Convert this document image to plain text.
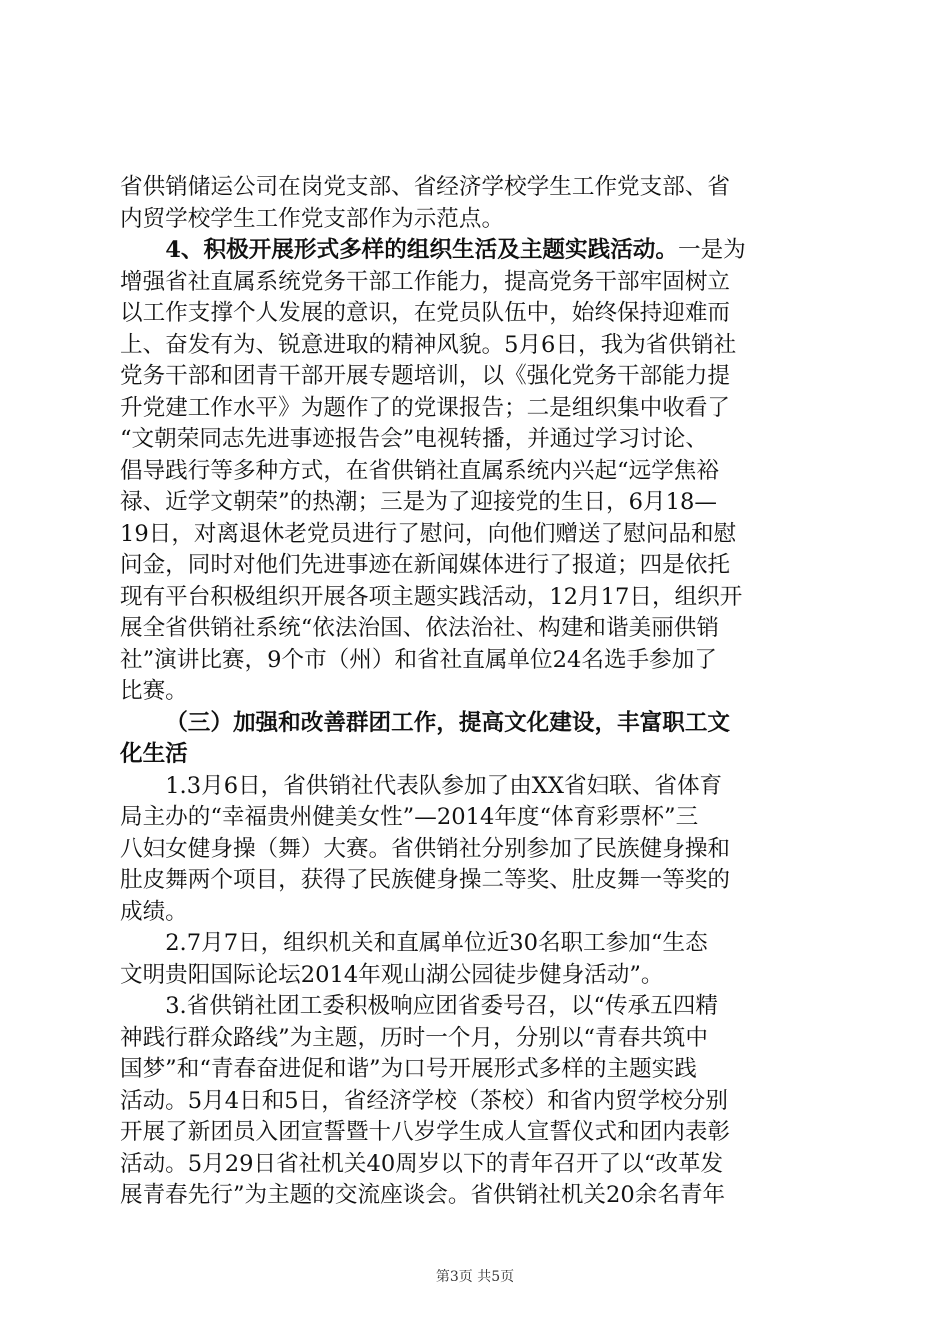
省供销储运公司在岗党支部、省经济学校学生工作党支部、省
内贸学校学生工作党支部作为示范点。
4、积极开展形式多样的组织生活及主题实践活动。一是为
增强省社直属系统党务干部工作能力，提高党务干部牢固树立
以工作支撑个人发展的意识，在党员队伍中，始终保持迎难而
上、奋发有为、锐意进取的精神风貌。5月6日，我为省供销社
党务干部和团青干部开展专题培训，以《强化党务干部能力提
升党建工作水平》为题作了的党课报告；二是组织集中收看了
“文朝荣同志先进事迹报告会”电视转播，并通过学习讨论、
倡导践行等多种方式，在省供销社直属系统内兴起“远学焦裕
禄、近学文朝荣”的热潮；三是为了迎接党的生日，6月18—
19日，对离退休老党员进行了慰问，向他们赠送了慰问品和慰
问金，同时对他们先进事迹在新闻媒体进行了报道；四是依托
现有平台积极组织开展各项主题实践活动，12月17日，组织开
展全省供销社系统“依法治国、依法治社、构建和谐美丽供销
社”演讲比赛，9个市（州）和省社直属单位24名选手参加了
比赛。
（三）加强和改善群团工作，提高文化建设，丰富职工文
化生活
1.3月6日，省供销社代表队参加了由XX省妇联、省体育
局主办的“幸福贵州健美女性”—2014年度“体育彩票杯”三
八妇女健身操（舞）大赛。省供销社分别参加了民族健身操和
肚皮舞两个项目，获得了民族健身操二等奖、肚皮舞一等奖的
成绩。
2.7月7日，组织机关和直属单位近30名职工参加“生态
文明贵阳国际论坛2014年观山湖公园徒步健身活动”。
3.省供销社团工委积极响应团省委号召，以“传承五四精
神践行群众路线”为主题，历时一个月，分别以“青春共筑中
国梦”和“青春奋进促和谐”为口号开展形式多样的主题实践
活动。5月4日和5日，省经济学校（茶校）和省内贸学校分别
开展了新团员入团宣誓暨十八岁学生成人宣誓仪式和团内表彰
活动。5月29日省社机关40周岁以下的青年召开了以“改革发
展青春先行”为主题的交流座谈会。省供销社机关20余名青年
第3页 共5页
